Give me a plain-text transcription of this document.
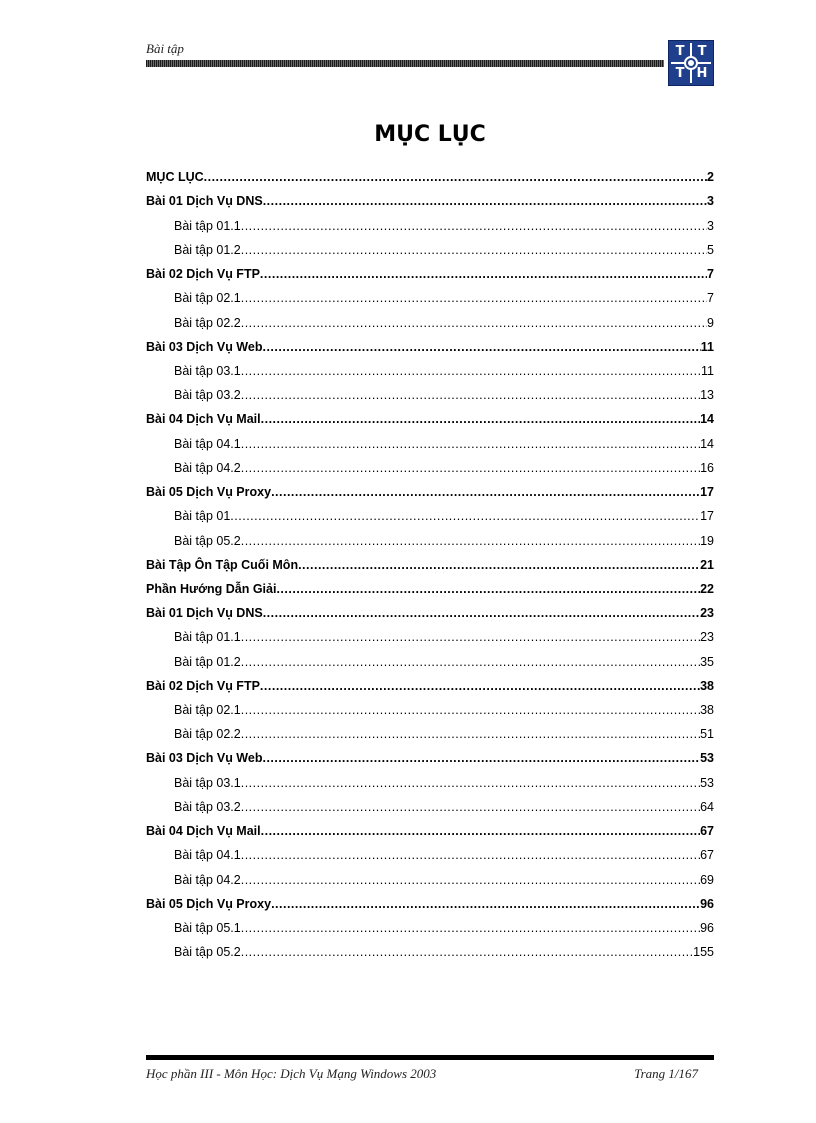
Bài tập	T T
T H
MỤC LỤC
MỤC LỤC .....	2
Bài 01 Dịch Vụ DNS .....	3
Bài tập 01.1 .....	3
Bài tập 01.2 .....	5
Bài 02 Dịch Vụ FTP .....	7
Bài tập 02.1 .....	7
Bài tập 02.2 .....	9
Bài 03 Dịch Vụ Web .....	11
Bài tập 03.1 .....	11
Bài tập 03.2 .....	13
Bài 04 Dịch Vụ Mail .....	14
Bài tập 04.1 .....	14
Bài tập 04.2 .....	16
Bài 05 Dịch Vụ Proxy .....	17
Bài tập 01 .....	17
Bài tập 05.2 .....	19
Bài Tập Ôn Tập Cuối Môn .....	21
Phần Hướng Dẫn Giải .....	22
Bài 01 Dịch Vụ DNS .....	23
Bài tập 01.1 .....	23
Bài tập 01.2 .....	35
Bài 02 Dịch Vụ FTP .....	38
Bài tập 02.1 .....	38
Bài tập 02.2 .....	51
Bài 03 Dịch Vụ Web .....	53
Bài tập 03.1 .....	53
Bài tập 03.2 .....	64
Bài 04 Dịch Vụ Mail .....	67
Bài tập 04.1 .....	67
Bài tập 04.2 .....	69
Bài 05 Dịch Vụ Proxy .....	96
Bài tập 05.1 .....	96
Bài tập 05.2 .....	155
Học phần III - Môn Học: Dịch Vụ Mạng Windows 2003	Trang 1/167
